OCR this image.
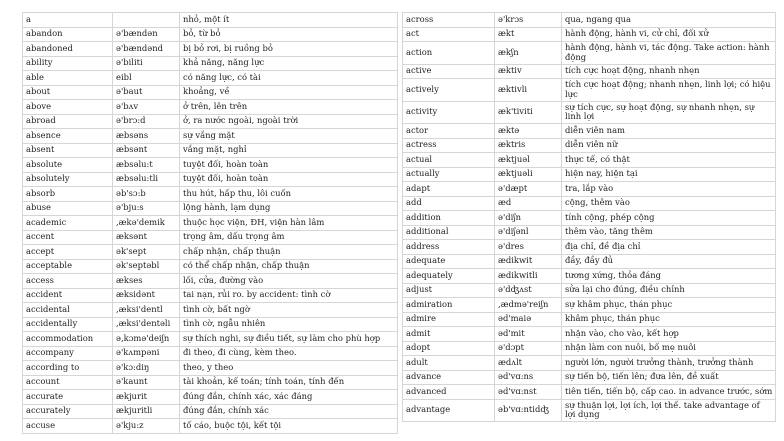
a		nhỏ, một ít
abandon	ə'bændən	bỏ, từ bỏ
abandoned	ə'bændənd	bị bỏ rơi, bị ruồng bỏ
ability	ə'biliti	khả năng, năng lực
able	eibl	có năng lực, có tài
about	ə'baut	khoảng, về
above	ə'bʌv	ở trên, lên trên
abroad	ə'brɔ:d	ở, ra nước ngoài, ngoài trời
absence	æbsəns	sự vắng mặt
absent	æbsənt	vắng mặt, nghỉ
absolute	æbsəlu:t	tuyệt đối, hoàn toàn
absolutely	æbsəlu:tli	tuyệt đối, hoàn toàn
absorb	əb'sɔ:b	thu hút, hấp thu, lôi cuốn
abuse	ə'bju:s	lộng hành, lạm dụng
academic	,ækə'demik	thuộc học viện, ĐH, viện hàn lâm
accent	æksənt	trọng âm, dấu trọng âm
accept	ək'sept	chấp nhận, chấp thuận
acceptable	ək'septəbl	có thể chấp nhận, chấp thuận
access	ækses	lối, cửa, đường vào
accident	æksidənt	tai nạn, rủi ro. by accident: tình cờ
accidental	,æksi'dentl	tình cờ, bất ngờ
accidentally	,æksi'dentəli	tình cờ, ngẫu nhiên
accommodation	ə,kɔmə'deiʃn	sự thích nghi, sự điều tiết, sự làm cho phù hợp
accompany	ə'kʌmpəni	đi theo, đi cùng, kèm theo.
according to	ə'kɔ:diŋ	theo, y theo
account	ə'kaunt	tài khoản, kế toán; tính toán, tính đến
accurate	ækjurit	đúng đắn, chính xác, xác đáng
accurately	ækjuritli	đúng đắn, chính xác
accuse	ə'kju:z	tố cáo, buộc tội, kết tội
across	ə'krɔs	qua, ngang qua
act	ækt	hành động, hành vi, cử chỉ, đối xử
action	ækʃn	hành động, hành vi, tác động. Take action: hành động
active	æktiv	tích cực hoạt động, nhanh nhẹn
actively	æktivli	tích cực hoạt động; nhanh nhẹn, linh lợi; có hiệu lực
activity	æk'tiviti	sự tích cực, sự hoạt động, sự nhanh nhẹn, sự linh lợi
actor	æktə	diễn viên nam
actress	æktris	diễn viên nữ
actual	æktjuəl	thực tế, có thật
actually	æktjuəli	hiện nay, hiện tại
adapt	ə'dæpt	tra, lắp vào
add	æd	cộng, thêm vào
addition	ə'diʃn	tính cộng, phép cộng
additional	ə'diʃənl	thêm vào, tăng thêm
address	ə'dres	địa chỉ, đề địa chỉ
adequate	ædikwit	đầy, đầy đủ
adequately	ædikwitli	tương xứng, thỏa đáng
adjust	ə'dʤʌst	sửa lại cho đúng, điều chỉnh
admiration	,ædmə'reiʃn	sự khâm phục, thán phục
admire	əd'maiə	khâm phục, thán phục
admit	əd'mit	nhận vào, cho vào, kết hợp
adopt	ə'dɔpt	nhận làm con nuôi, bố mẹ nuôi
adult	ædʌlt	người lớn, người trưởng thành, trưởng thành
advance	əd'vɑ:ns	sự tiến bộ, tiến lên; đưa lên, đề xuất
advanced	əd'vɑ:nst	tiên tiến, tiến bộ, cấp cao. in advance trước, sớm
advantage	əb'vɑ:ntidʤ	sự thuận lợi, lợi ích, lợi thế. take advantage of lợi dụng
